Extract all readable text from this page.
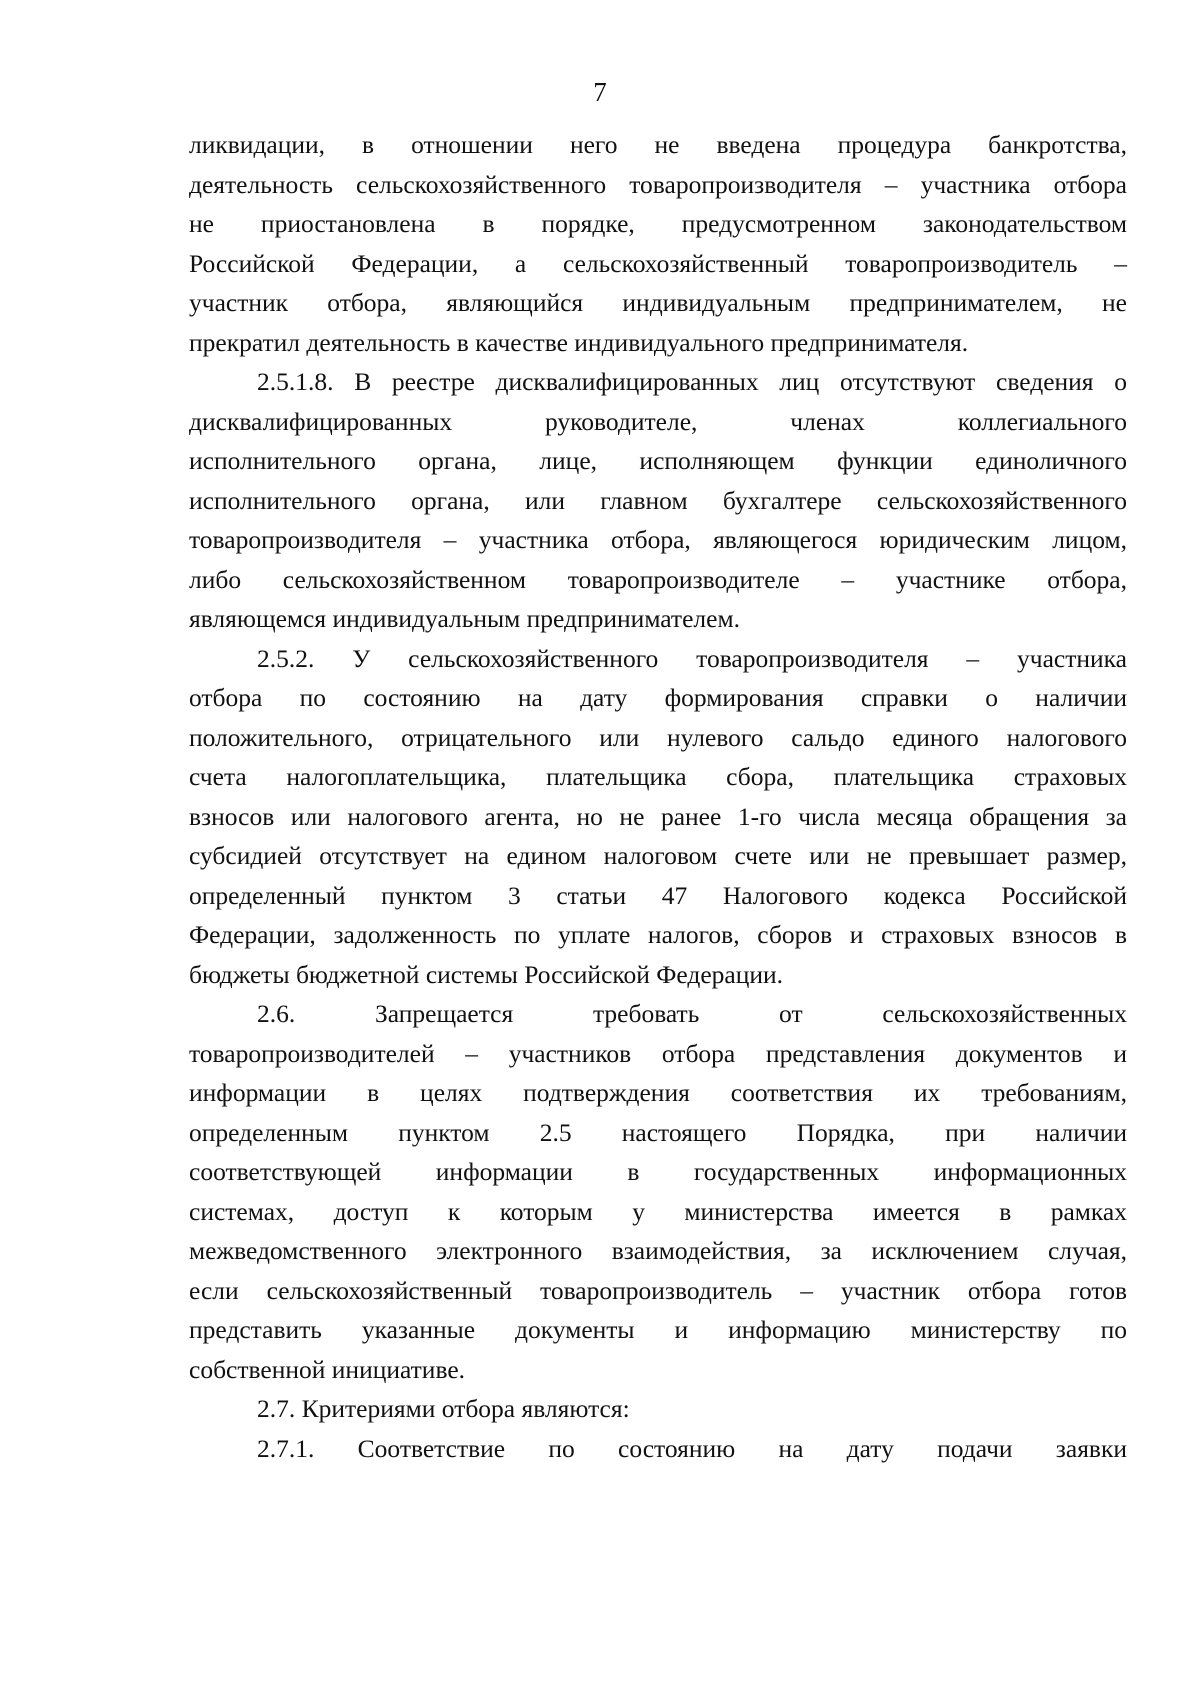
7
ликвидации, в отношении него не введена процедура банкротства,
деятельность сельскохозяйственного товаропроизводителя – участника отбора
не приостановлена в порядке, предусмотренном законодательством
Российской Федерации, а сельскохозяйственный товаропроизводитель –
участник отбора, являющийся индивидуальным предпринимателем, не
прекратил деятельность в качестве индивидуального предпринимателя.
2.5.1.8. В реестре дисквалифицированных лиц отсутствуют сведения о
дисквалифицированных руководителе, членах коллегиального
исполнительного органа, лице, исполняющем функции единоличного
исполнительного органа, или главном бухгалтере сельскохозяйственного
товаропроизводителя – участника отбора, являющегося юридическим лицом,
либо сельскохозяйственном товаропроизводителе – участнике отбора,
являющемся индивидуальным предпринимателем.
2.5.2. У сельскохозяйственного товаропроизводителя – участника
отбора по состоянию на дату формирования справки о наличии
положительного, отрицательного или нулевого сальдо единого налогового
счета налогоплательщика, плательщика сбора, плательщика страховых
взносов или налогового агента, но не ранее 1-го числа месяца обращения за
субсидией отсутствует на едином налоговом счете или не превышает размер,
определенный пунктом 3 статьи 47 Налогового кодекса Российской
Федерации, задолженность по уплате налогов, сборов и страховых взносов в
бюджеты бюджетной системы Российской Федерации.
2.6. Запрещается требовать от сельскохозяйственных
товаропроизводителей – участников отбора представления документов и
информации в целях подтверждения соответствия их требованиям,
определенным пунктом 2.5 настоящего Порядка, при наличии
соответствующей информации в государственных информационных
системах, доступ к которым у министерства имеется в рамках
межведомственного электронного взаимодействия, за исключением случая,
если сельскохозяйственный товаропроизводитель – участник отбора готов
представить указанные документы и информацию министерству по
собственной инициативе.
2.7. Критериями отбора являются:
2.7.1. Соответствие по состоянию на дату подачи заявки
